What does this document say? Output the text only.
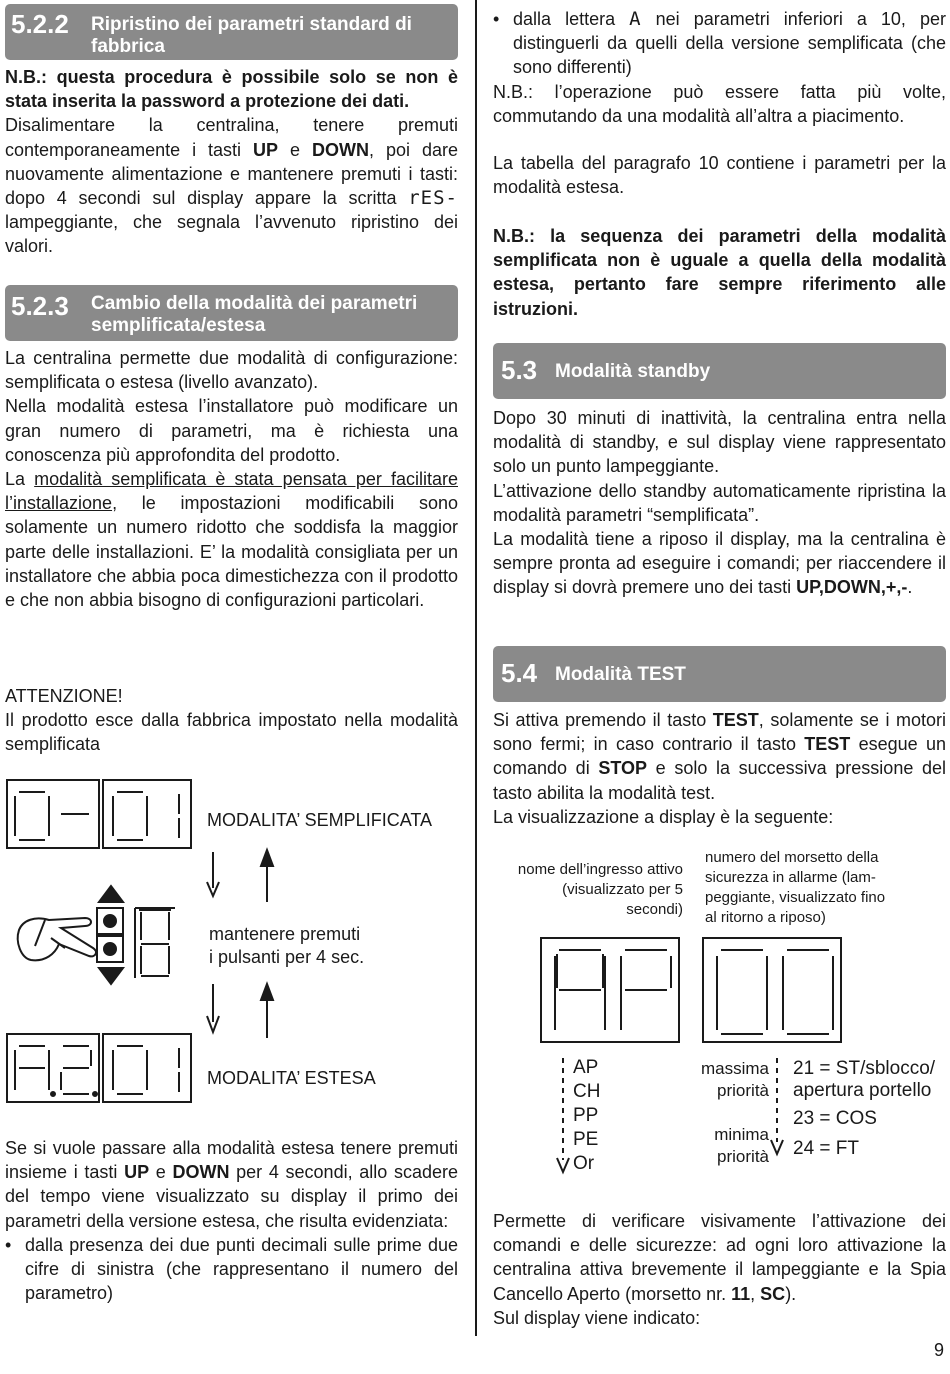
5.2.2 Ripristino dei parametri standard di
fabbrica

N.B.: questa procedura è possibile solo se non è stata inserita la password a protezione dei dati.

Disalimentare la centralina, tenere premuti contemporaneamente i tasti UP e DOWN, poi dare nuovamente alimentazione e mantenere premuti i tasti: dopo 4 secondi sul display appare la scritta rES- lampeggiante, che segnala l’avvenuto ripristino dei valori.

5.2.3 Cambio della modalità dei parametri
semplificata/estesa

La centralina permette due modalità di configurazione: semplificata o estesa (livello avanzato).

Nella modalità estesa l’installatore può modificare un gran numero di parametri, ma è richiesta una conoscenza più approfondita del prodotto.

La modalità semplificata è stata pensata per facilitare l’installazione, le impostazioni modificabili sono solamente un numero ridotto che soddisfa la maggior parte delle installazioni. E’ la modalità consigliata per un installatore che abbia poca dimestichezza con il prodotto e che non abbia bisogno di configurazioni particolari.

ATTENZIONE!

Il prodotto esce dalla fabbrica impostato nella modalità semplificata

MODALITA’ SEMPLIFICATA
mantenere premuti
i pulsanti per 4 sec.
MODALITA’ ESTESA

Se si vuole passare alla modalità estesa tenere premuti insieme i tasti UP e DOWN per 4 secondi, allo scadere del tempo viene visualizzato su display il primo dei parametri della versione estesa, che risulta evidenziata:

• dalla presenza dei due punti decimali sulle prime due cifre di sinistra (che rappresentano il numero del parametro)

• dalla lettera A nei parametri inferiori a 10, per distinguerli da quelli della versione semplificata (che sono differenti)

N.B.: l’operazione può essere fatta più volte, commutando da una modalità all’altra a piacimento.

La tabella del paragrafo 10 contiene i parametri per la modalità estesa.
N.B.: la sequenza dei parametri della modalità semplificata non è uguale a quella della modalità estesa, pertanto fare sempre riferimento alle istruzioni.
5.3 Modalità standby

Dopo 30 minuti di inattività, la centralina entra nella modalità di standby, e sul display viene rappresentato solo un punto lampeggiante.

L’attivazione dello standby automaticamente ripristina la modalità parametri “semplificata”.

La modalità tiene a riposo il display, ma la centralina è sempre pronta ad eseguire i comandi; per riaccendere il display si dovrà premere uno dei tasti UP,DOWN,+,-.

5.4 Modalità TEST

Si attiva premendo il tasto TEST, solamente se i motori sono fermi; in caso contrario il tasto TEST esegue un comando di STOP e solo la successiva pressione del tasto abilita la modalità test.

La visualizzazione a display è la seguente:

nome dell’ingresso attivo
(visualizzato per 5
secondi)
numero del morsetto della
sicurezza in allarme (lam-
peggiante, visualizzato fino
al ritorno a riposo)
AP
CH
PP
PE
Or
massima
priorità
minima
priorità
21 = ST/sblocco/
apertura portello
23 = COS
24 = FT

Permette di verificare visivamente l’attivazione dei comandi e delle sicurezze: ad ogni loro attivazione la centralina attiva brevemente il lampeggiante e la Spia Cancello Aperto (morsetto nr. 11, SC).

Sul display viene indicato:

9
